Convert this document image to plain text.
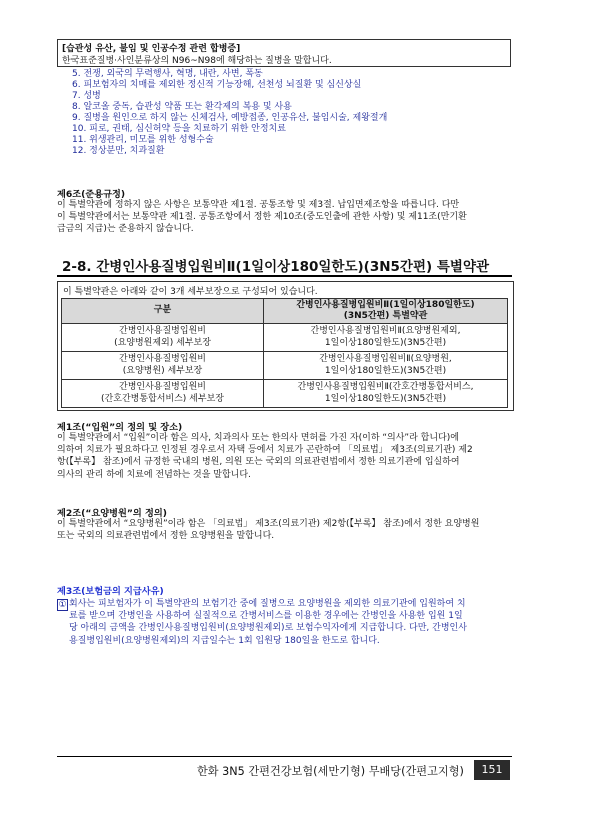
[습관성 유산, 불임 및 인공수정 관련 합병증]
한국표준질병·사인분류상의 N96~N98에 해당하는 질병을 말합니다.
5. 전쟁, 외국의 무력행사, 혁명, 내란, 사변, 폭동
6. 피보험자의 치매를 제외한 정신적 기능장해, 선천성 뇌질환 및 심신상실
7. 성병
8. 알코올 중독, 습관성 약품 또는 환각제의 복용 및 사용
9. 질병을 원인으로 하지 않는 신체검사, 예방접종, 인공유산, 불임시술, 제왕절개
10. 피로, 권태, 심신허약 등을 치료하기 위한 안정치료
11. 위생관리, 미모를 위한 성형수술
12. 정상분만, 치과질환
제6조(준용규정)
이 특별약관에 정하지 않은 사항은 보통약관 제1절. 공통조항 및 제3절. 납입면제조항을 따릅니다. 다만
이 특별약관에서는 보통약관 제1절. 공통조항에서 정한 제10조(중도인출에 관한 사항) 및 제11조(만기환
급금의 지급)는 준용하지 않습니다.
2-8. 간병인사용질병입원비Ⅱ(1일이상180일한도)(3N5간편) 특별약관
이 특별약관은 아래와 같이 3개 세부보장으로 구성되어 있습니다.
구분	간병인사용질병입원비Ⅱ(1일이상180일한도)
(3N5간편) 특별약관
간병인사용질병입원비
(요양병원제외) 세부보장	간병인사용질병입원비Ⅱ(요양병원제외,
1일이상180일한도)(3N5간편)
간병인사용질병입원비
(요양병원) 세부보장	간병인사용질병입원비Ⅱ(요양병원,
1일이상180일한도)(3N5간편)
간병인사용질병입원비
(간호간병통합서비스) 세부보장	간병인사용질병입원비Ⅱ(간호간병통합서비스,
1일이상180일한도)(3N5간편)
제1조(“입원”의 정의 및 장소)
이 특별약관에서 “입원”이라 함은 의사, 치과의사 또는 한의사 면허를 가진 자(이하 “의사”라 합니다)에
의하여 치료가 필요하다고 인정된 경우로서 자택 등에서 치료가 곤란하여 「의료법」 제3조(의료기관) 제2
항(【부록】 참조)에서 규정한 국내의 병원, 의원 또는 국외의 의료관련법에서 정한 의료기관에 입실하여
의사의 관리 하에 치료에 전념하는 것을 말합니다.
제2조(“요양병원”의 정의)
이 특별약관에서 “요양병원”이라 함은 「의료법」 제3조(의료기관) 제2항(【부록】 참조)에서 정한 요양병원
또는 국외의 의료관련법에서 정한 요양병원을 말합니다.
제3조(보험금의 지급사유)
① 회사는 피보험자가 이 특별약관의 보험기간 중에 질병으로 요양병원을 제외한 의료기관에 입원하여 치
료를 받으며 간병인을 사용하여 실질적으로 간병서비스를 이용한 경우에는 간병인을 사용한 입원 1일
당 아래의 금액을 간병인사용질병입원비(요양병원제외)로 보험수익자에게 지급합니다. 다만, 간병인사
용질병입원비(요양병원제외)의 지급일수는 1회 입원당 180일을 한도로 합니다.
한화 3N5 간편건강보험(세만기형) 무배당(간편고지형)	151
